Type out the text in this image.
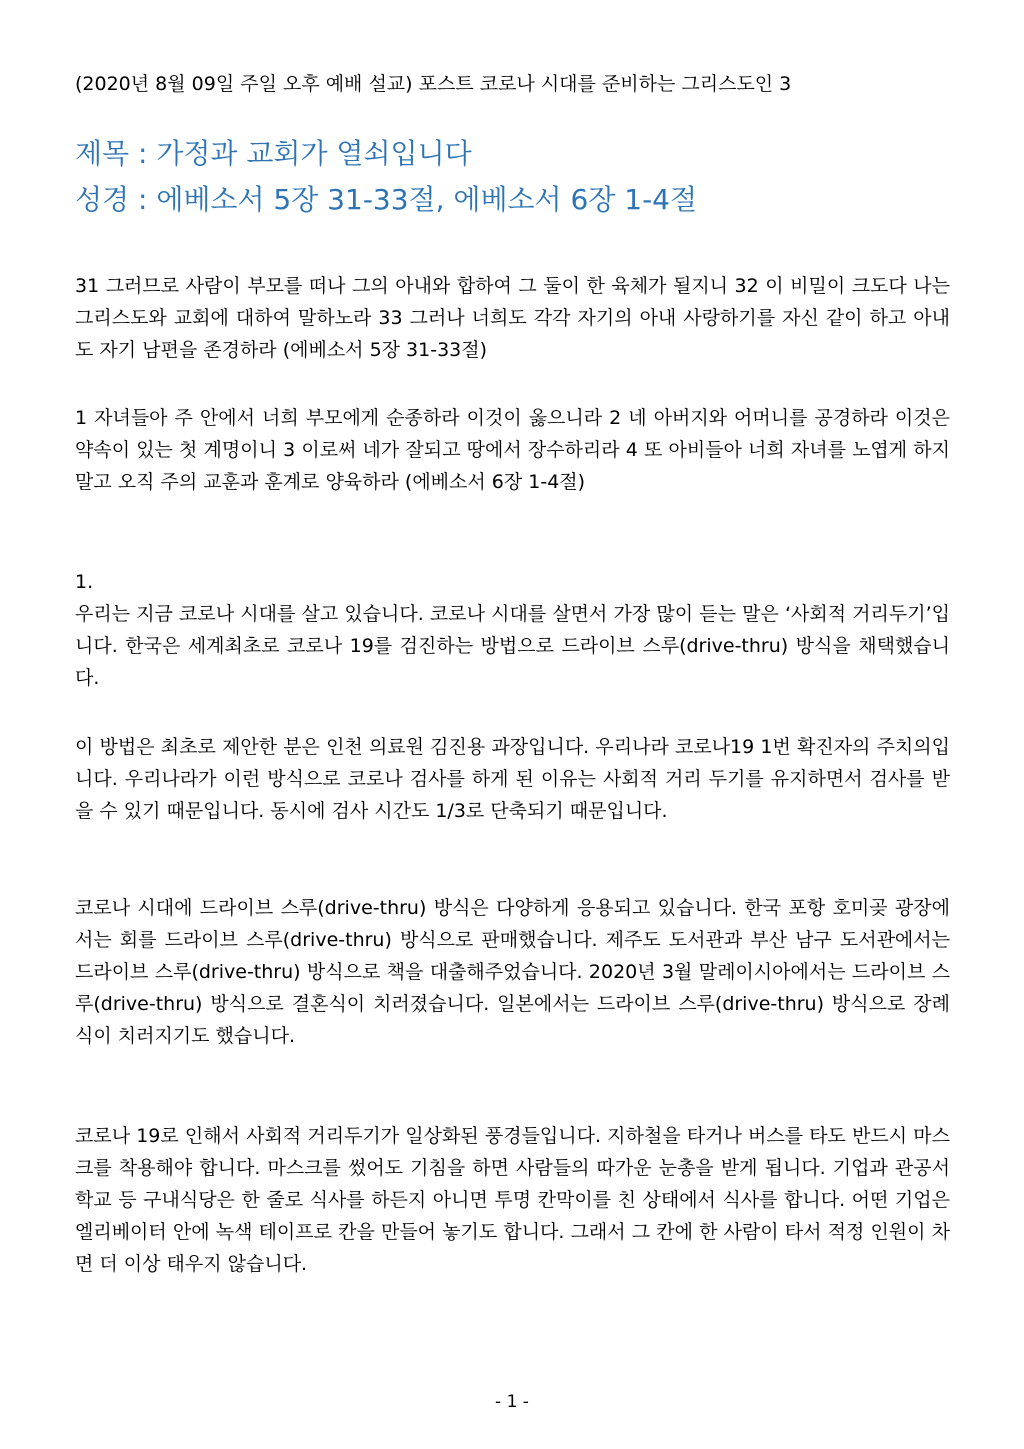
(2020년 8월 09일 주일 오후 예배 설교) 포스트 코로나 시대를 준비하는 그리스도인 3
제목 : 가정과 교회가 열쇠입니다
성경 : 에베소서 5장 31-33절, 에베소서 6장 1-4절
31 그러므로 사람이 부모를 떠나 그의 아내와 합하여 그 둘이 한 육체가 될지니 32 이 비밀이 크도다 나는 그리스도와 교회에 대하여 말하노라 33 그러나 너희도 각각 자기의 아내 사랑하기를 자신 같이 하고 아내도 자기 남편을 존경하라 (에베소서 5장 31-33절)
1 자녀들아 주 안에서 너희 부모에게 순종하라 이것이 옳으니라 2 네 아버지와 어머니를 공경하라 이것은 약속이 있는 첫 계명이니 3 이로써 네가 잘되고 땅에서 장수하리라 4 또 아비들아 너희 자녀를 노엽게 하지 말고 오직 주의 교훈과 훈계로 양육하라 (에베소서 6장 1-4절)
1.
우리는 지금 코로나 시대를 살고 있습니다. 코로나 시대를 살면서 가장 많이 듣는 말은 ‘사회적 거리두기’입니다. 한국은 세계최초로 코로나 19를 검진하는 방법으로 드라이브 스루(drive-thru) 방식을 채택했습니다.
이 방법은 최초로 제안한 분은 인천 의료원 김진용 과장입니다. 우리나라 코로나19 1번 확진자의 주치의입니다. 우리나라가 이런 방식으로 코로나 검사를 하게 된 이유는 사회적 거리 두기를 유지하면서 검사를 받을 수 있기 때문입니다. 동시에 검사 시간도 1/3로 단축되기 때문입니다.
코로나 시대에 드라이브 스루(drive-thru) 방식은 다양하게 응용되고 있습니다. 한국 포항 호미곶 광장에서는 회를 드라이브 스루(drive-thru) 방식으로 판매했습니다. 제주도 도서관과 부산 남구 도서관에서는 드라이브 스루(drive-thru) 방식으로 책을 대출해주었습니다. 2020년 3월 말레이시아에서는 드라이브 스루(drive-thru) 방식으로 결혼식이 치러졌습니다. 일본에서는 드라이브 스루(drive-thru) 방식으로 장례식이 치러지기도 했습니다.
코로나 19로 인해서 사회적 거리두기가 일상화된 풍경들입니다. 지하철을 타거나 버스를 타도 반드시 마스크를 착용해야 합니다. 마스크를 썼어도 기침을 하면 사람들의 따가운 눈총을 받게 됩니다. 기업과 관공서 학교 등 구내식당은 한 줄로 식사를 하든지 아니면 투명 칸막이를 친 상태에서 식사를 합니다. 어떤 기업은 엘리베이터 안에 녹색 테이프로 칸을 만들어 놓기도 합니다. 그래서 그 칸에 한 사람이 타서 적정 인원이 차면 더 이상 태우지 않습니다.
- 1 -
